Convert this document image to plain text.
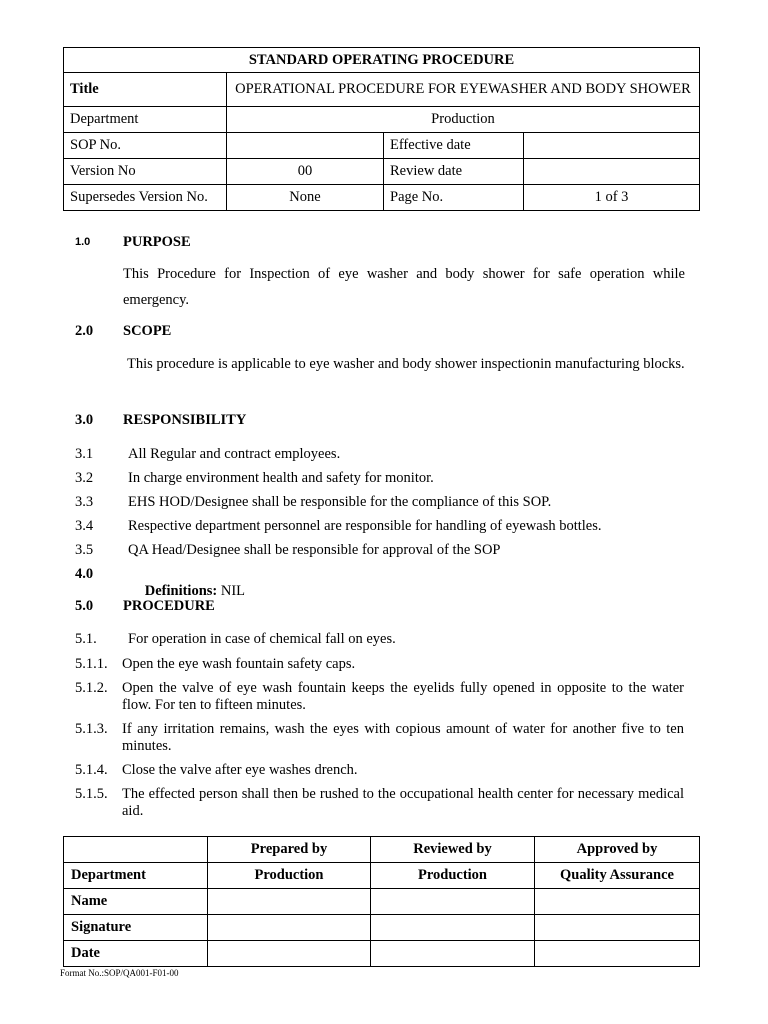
STANDARD OPERATING PROCEDURE			
Title	OPERATIONAL PROCEDURE FOR EYEWASHER AND BODY SHOWER		
Department	Production		
SOP No.		Effective date	
Version No	00	Review date	
Supersedes Version No.	None	Page No.	1 of 3
1.0 PURPOSE
This Procedure for Inspection of eye washer and body shower for safe operation while emergency.
2.0 SCOPE
This procedure is applicable to eye washer and body shower inspectionin manufacturing blocks.
3.0 RESPONSIBILITY
3.1 All Regular and contract employees.
3.2 In charge environment health and safety for monitor.
3.3 EHS HOD/Designee shall be responsible for the compliance of this SOP.
3.4 Respective department personnel are responsible for handling of eyewash bottles.
3.5 QA Head/Designee shall be responsible for approval of the SOP
4.0

Definitions: NIL

5.0 PROCEDURE
5.1. For operation in case of chemical fall on eyes.
5.1.1. Open the eye wash fountain safety caps.
5.1.2. Open the valve of eye wash fountain keeps the eyelids fully opened in opposite to the water flow. For ten to fifteen minutes.
5.1.3. If any irritation remains, wash the eyes with copious amount of water for another five to ten minutes.
5.1.4. Close the valve after eye washes drench.
5.1.5. The effected person shall then be rushed to the occupational health center for necessary medical aid.
	Prepared by	Reviewed by	Approved by
Department	Production	Production	Quality Assurance
Name			
Signature			
Date			
Format No.:SOP/QA001-F01-00
